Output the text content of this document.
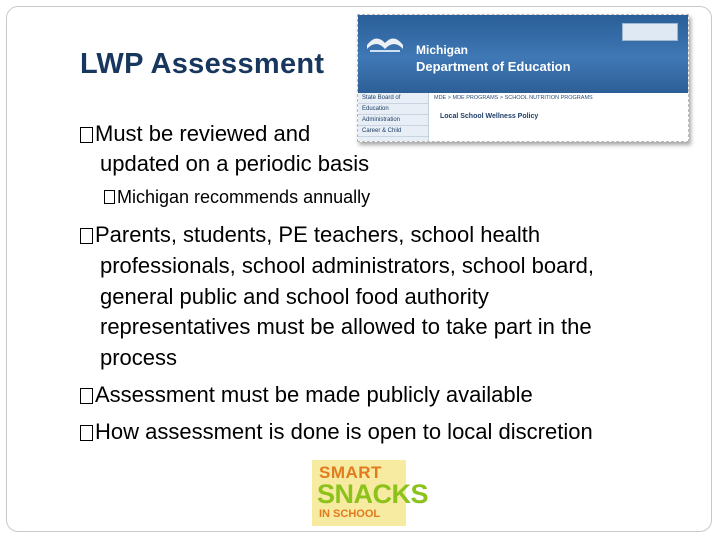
LWP Assessment	Michigan
Department of Education
State Board of
Education
Administration
Career & Child
MDE > MDE PROGRAMS > SCHOOL NUTRITION PROGRAMS
Local School Wellness Policy
Must be reviewed and
updated on a periodic basis
Michigan recommends annually
Parents, students, PE teachers, school health
professionals, school administrators, school board,
general public and school food authority
representatives must be allowed to take part in the
process
Assessment must be made publicly available
How assessment is done is open to local discretion
SMART
SNACKS
IN SCHOOL
